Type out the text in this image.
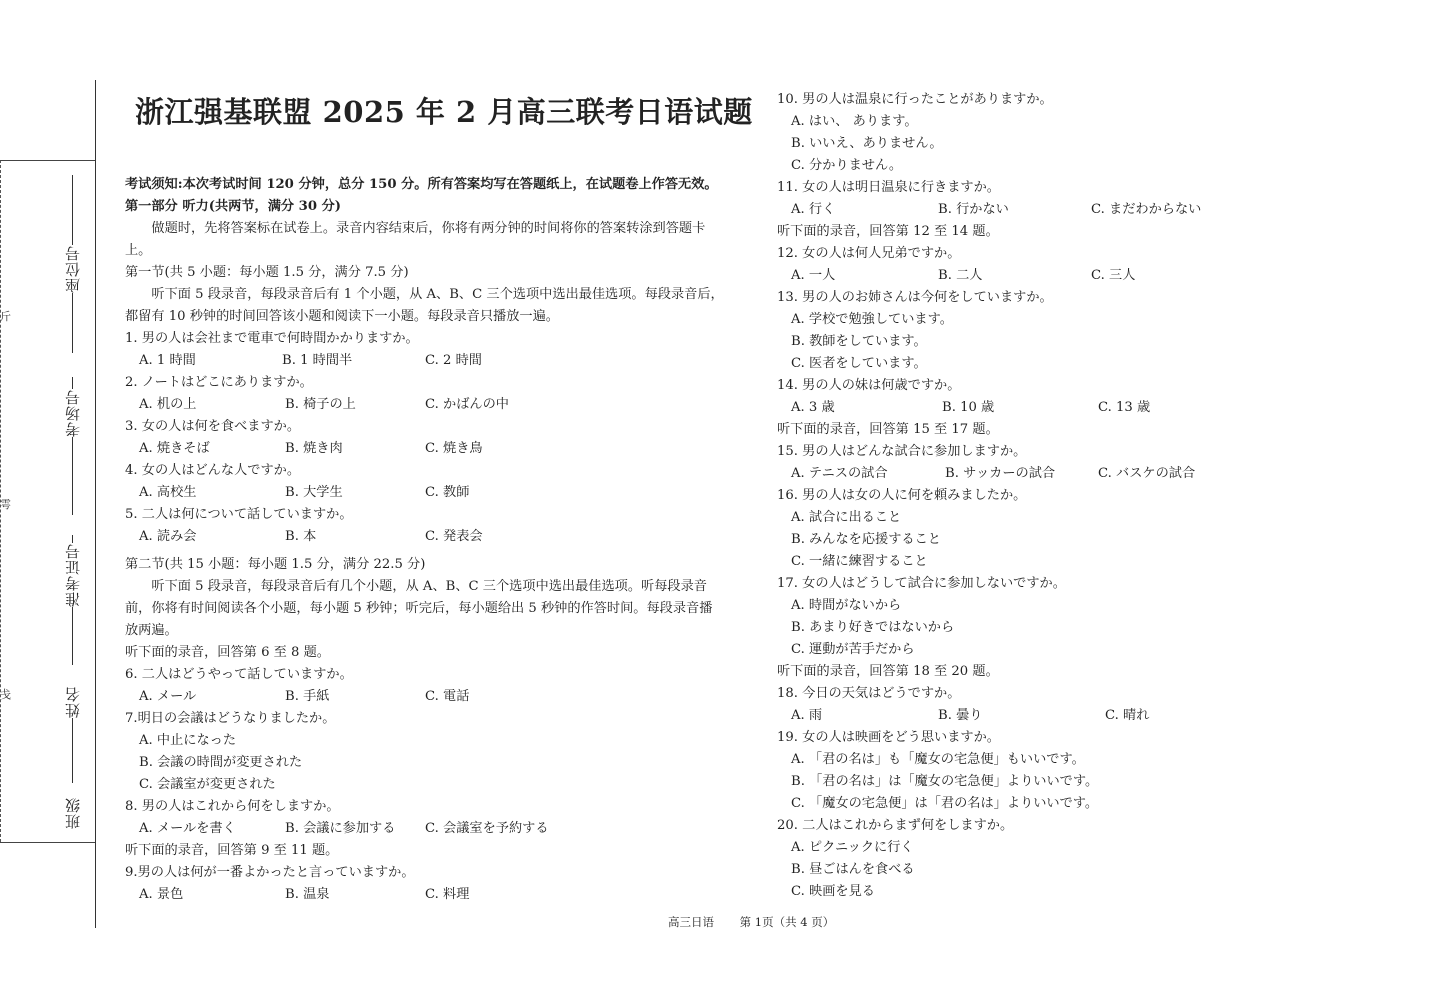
斤
雩
戋
座位号
考场号
准考证号
姓名
班级
浙江强基联盟 2025 年 2 月高三联考日语试题
考试须知:本次考试时间 120 分钟，总分 150 分。所有答案均写在答题纸上，在试题卷上作答无效。
第一部分 听力(共两节，满分 30 分)
做题时，先将答案标在试卷上。录音内容结束后，你将有两分钟的时间将你的答案转涂到答题卡上。
第一节(共 5 小题：每小题 1.5 分，满分 7.5 分)
听下面 5 段录音，每段录音后有 1 个小题，从 A、B、C 三个选项中选出最佳选项。每段录音后，都留有 10 秒钟的时间回答该小题和阅读下一小题。每段录音只播放一遍。
1. 男の人は会社まで電車で何時間かかりますか。
A. 1 時間	B. 1 時間半	C. 2 時間
2. ノートはどこにありますか。
A. 机の上	B. 椅子の上	C. かばんの中
3. 女の人は何を食べますか。
A. 焼きそば	B. 焼き肉	C. 焼き鳥
4. 女の人はどんな人ですか。
A. 高校生	B. 大学生	C. 教師
5. 二人は何について話していますか。
A. 読み会	B. 本	C. 発表会
第二节(共 15 小题：每小题 1.5 分，满分 22.5 分)
听下面 5 段录音，每段录音后有几个小题，从 A、B、C 三个选项中选出最佳选项。听每段录音前，你将有时间阅读各个小题，每小题 5 秒钟；听完后，每小题给出 5 秒钟的作答时间。每段录音播放两遍。
听下面的录音，回答第 6 至 8 题。
6. 二人はどうやって話していますか。
A. メール	B. 手紙	C. 電話
7.明日の会議はどうなりましたか。
A. 中止になった
B. 会議の時間が変更された
C. 会議室が変更された
8. 男の人はこれから何をしますか。
A. メールを書く	B. 会議に参加する	C. 会議室を予約する
听下面的录音，回答第 9 至 11 题。
9.男の人は何が一番よかったと言っていますか。
A. 景色	B. 温泉	C. 料理
10. 男の人は温泉に行ったことがありますか。
A. はい、 あります。
B. いいえ、ありません。
C. 分かりません。
11. 女の人は明日温泉に行きますか。
A. 行く	B. 行かない	C. まだわからない
听下面的录音，回答第 12 至 14 题。
12. 女の人は何人兄弟ですか。
A. 一人	B. 二人	C. 三人
13. 男の人のお姉さんは今何をしていますか。
A. 学校で勉強しています。
B. 教師をしています。
C. 医者をしています。
14. 男の人の妹は何歳ですか。
A. 3 歳	B. 10 歳	C. 13 歳
听下面的录音，回答第 15 至 17 题。
15. 男の人はどんな試合に参加しますか。
A. テニスの試合	B. サッカーの試合	C. バスケの試合
16. 男の人は女の人に何を頼みましたか。
A. 試合に出ること
B. みんなを応援すること
C. 一緒に練習すること
17. 女の人はどうして試合に参加しないですか。
A. 時間がないから
B. あまり好きではないから
C. 運動が苦手だから
听下面的录音，回答第 18 至 20 题。
18. 今日の天気はどうですか。
A. 雨	B. 曇り	C. 晴れ
19. 女の人は映画をどう思いますか。
A. 「君の名は」も「魔女の宅急便」もいいです。
B. 「君の名は」は「魔女の宅急便」よりいいです。
C. 「魔女の宅急便」は「君の名は」よりいいです。
20. 二人はこれからまず何をしますか。
A. ピクニックに行く
B. 昼ごはんを食べる
C. 映画を見る
高三日语 第 1页（共 4 页）
